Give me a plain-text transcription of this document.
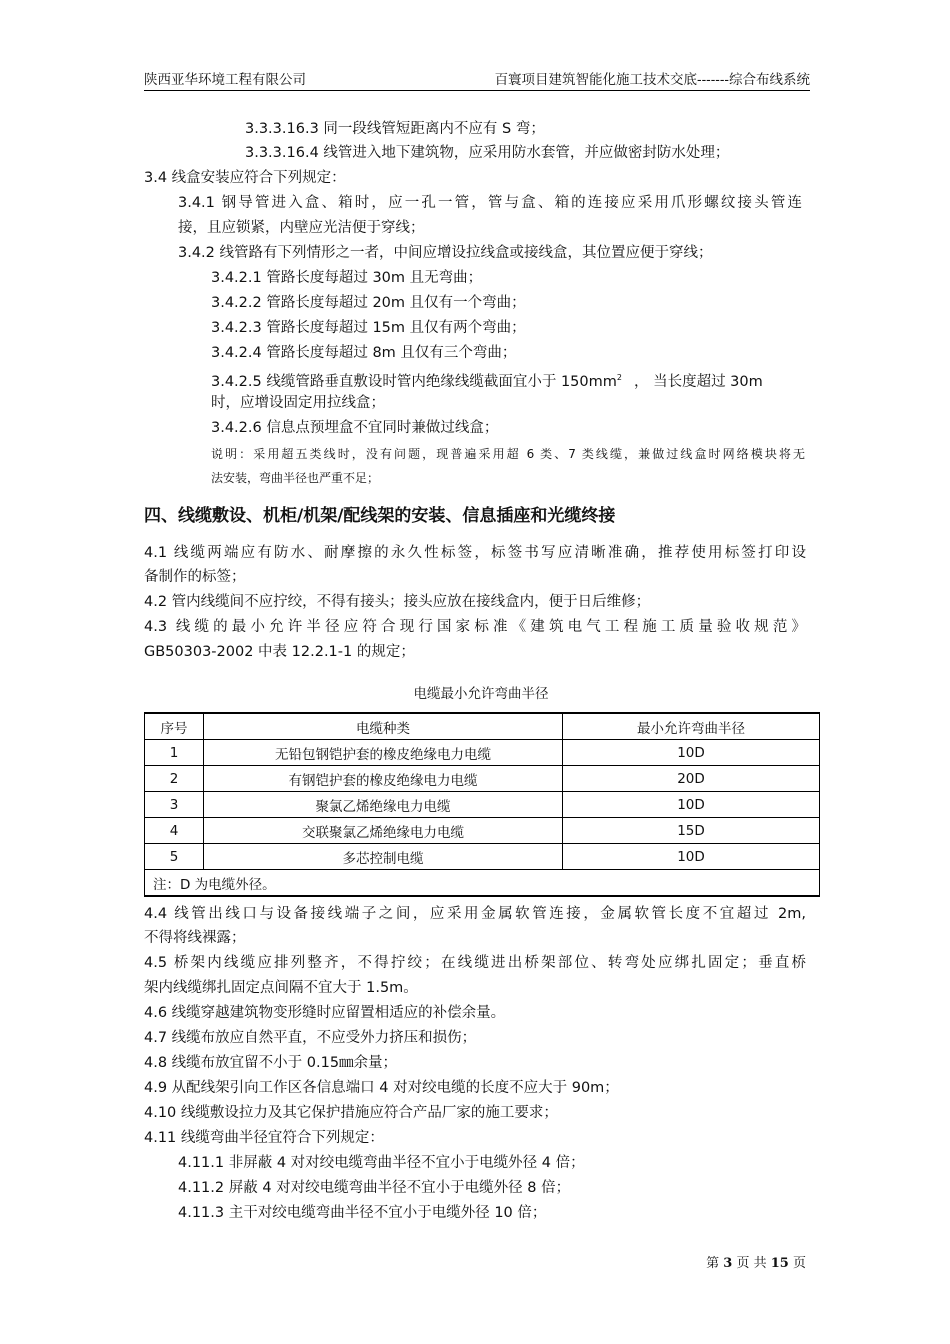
陕西亚华环境工程有限公司	百寰项目建筑智能化施工技术交底-------综合布线系统
3.3.3.16.3 同一段线管短距离内不应有 S 弯；
3.3.3.16.4 线管进入地下建筑物，应采用防水套管，并应做密封防水处理；
3.4 线盒安装应符合下列规定：
3.4.1 钢导管进入盒、箱时，应一孔一管，管与盒、箱的连接应采用爪形螺纹接头管连
接，且应锁紧，内壁应光洁便于穿线；
3.4.2 线管路有下列情形之一者，中间应增设拉线盒或接线盒，其位置应便于穿线；
3.4.2.1 管路长度每超过 30m 且无弯曲；
3.4.2.2 管路长度每超过 20m 且仅有一个弯曲；
3.4.2.3 管路长度每超过 15m 且仅有两个弯曲；
3.4.2.4 管路长度每超过 8m 且仅有三个弯曲；
3.4.2.5 线缆管路垂直敷设时管内绝缘线缆截面宜小于 $150mm^2$ ， 当长度超过 30m
时，应增设固定用拉线盒；
3.4.2.6 信息点预埋盒不宜同时兼做过线盒；
说明：采用超五类线时，没有问题，现普遍采用超 6 类、7 类线缆，兼做过线盒时网络模块将无
法安装，弯曲半径也严重不足；
四、线缆敷设、机柜/机架/配线架的安装、信息插座和光缆终接
4.1 线缆两端应有防水、耐摩擦的永久性标签，标签书写应清晰准确，推荐使用标签打印设
备制作的标签；
4.2 管内线缆间不应拧绞，不得有接头；接头应放在接线盒内，便于日后维修；
4.3 线缆的最小允许半径应符合现行国家标准《建筑电气工程施工质量验收规范》
GB50303-2002 中表 12.2.1-1 的规定；
电缆最小允许弯曲半径
序号	电缆种类	最小允许弯曲半径
1	无铅包钢铠护套的橡皮绝缘电力电缆	10D
2	有钢铠护套的橡皮绝缘电力电缆	20D
3	聚氯乙烯绝缘电力电缆	10D
4	交联聚氯乙烯绝缘电力电缆	15D
5	多芯控制电缆	10D
注：D 为电缆外径。		
4.4 线管出线口与设备接线端子之间，应采用金属软管连接，金属软管长度不宜超过 2m,
不得将线裸露；
4.5 桥架内线缆应排列整齐，不得拧绞；在线缆进出桥架部位、转弯处应绑扎固定；垂直桥
架内线缆绑扎固定点间隔不宜大于 1.5m。
4.6 线缆穿越建筑物变形缝时应留置相适应的补偿余量。
4.7 线缆布放应自然平直，不应受外力挤压和损伤；
4.8 线缆布放宜留不小于 0.15㎜余量；
4.9 从配线架引向工作区各信息端口 4 对对绞电缆的长度不应大于 90m；
4.10 线缆敷设拉力及其它保护措施应符合产品厂家的施工要求；
4.11 线缆弯曲半径宜符合下列规定：
4.11.1 非屏蔽 4 对对绞电缆弯曲半径不宜小于电缆外径 4 倍；
4.11.2 屏蔽 4 对对绞电缆弯曲半径不宜小于电缆外径 8 倍；
4.11.3 主干对绞电缆弯曲半径不宜小于电缆外径 10 倍；
第 3 页 共 15 页
